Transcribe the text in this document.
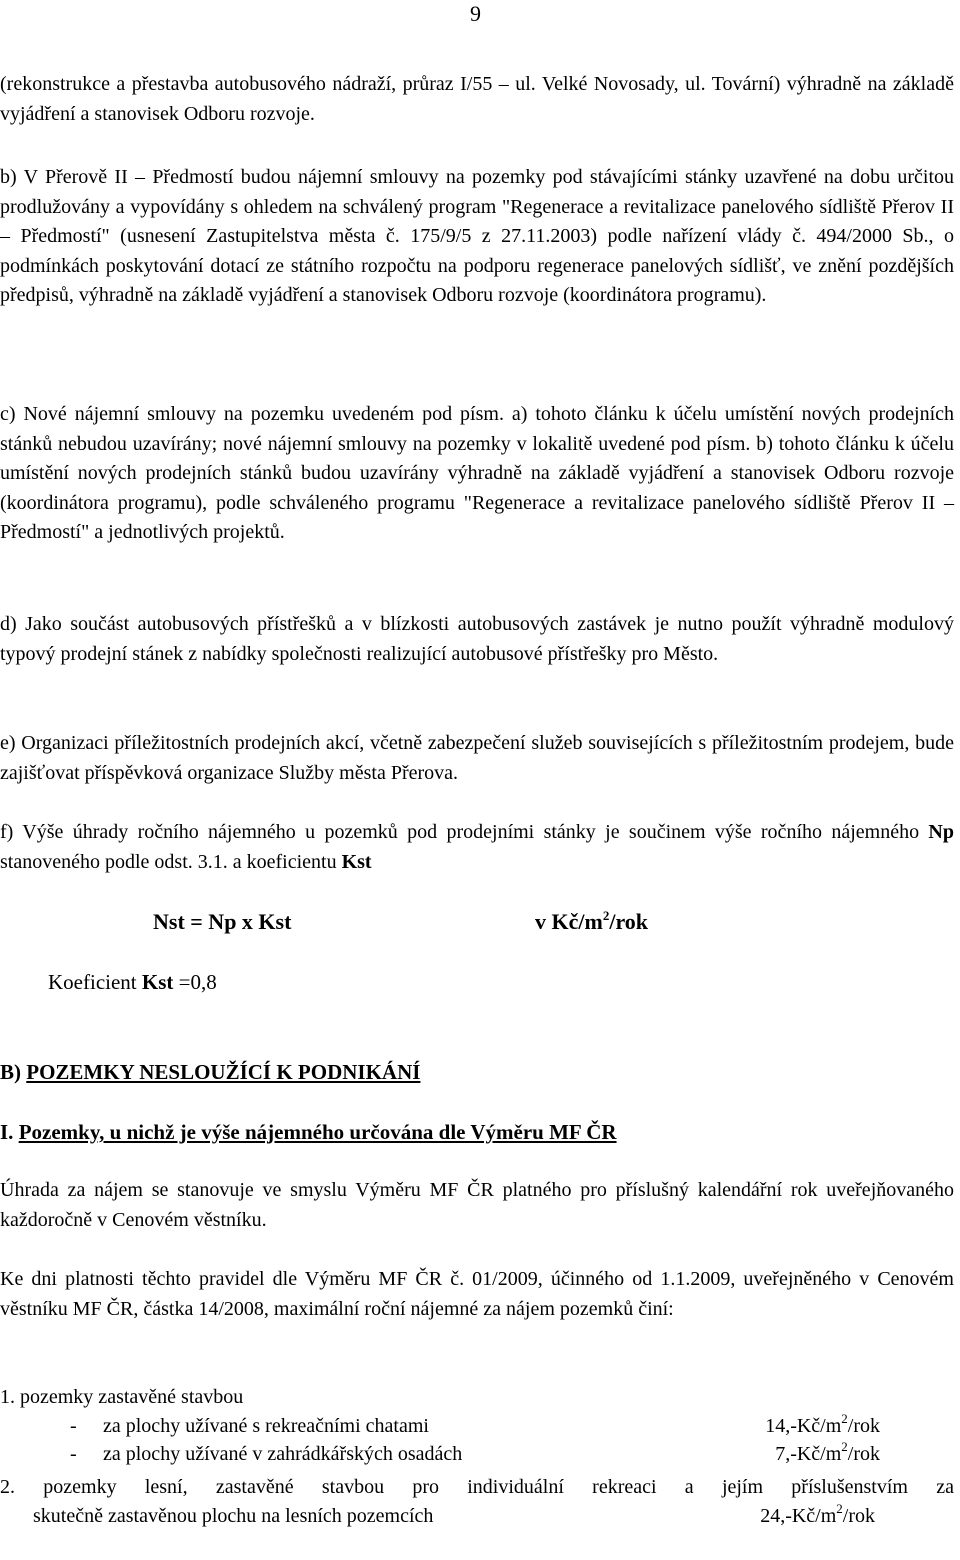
9

(rekonstrukce a přestavba autobusového nádraží, průraz I/55 – ul. Velké Novosady, ul. Tovární) výhradně na základě vyjádření a stanovisek Odboru rozvoje.

b) V Přerově II – Předmostí budou nájemní smlouvy na pozemky pod stávajícími stánky uzavřené na dobu určitou prodlužovány a vypovídány s ohledem na schválený program "Regenerace a revitalizace panelového sídliště Přerov II – Předmostí" (usnesení Zastupitelstva města č. 175/9/5 z 27.11.2003) podle nařízení vlády č. 494/2000 Sb., o podmínkách poskytování dotací ze státního rozpočtu na podporu regenerace panelových sídlišť, ve znění pozdějších předpisů, výhradně na základě vyjádření a stanovisek Odboru rozvoje (koordinátora programu).

c) Nové nájemní smlouvy na pozemku uvedeném pod písm. a) tohoto článku k účelu umístění nových prodejních stánků nebudou uzavírány; nové nájemní smlouvy na pozemky v lokalitě uvedené pod písm. b) tohoto článku k účelu umístění nových prodejních stánků budou uzavírány výhradně na základě vyjádření a stanovisek Odboru rozvoje (koordinátora programu), podle schváleného programu "Regenerace a revitalizace panelového sídliště Přerov II – Předmostí" a jednotlivých projektů.

d) Jako součást autobusových přístřešků a v blízkosti autobusových zastávek je nutno použít výhradně modulový typový prodejní stánek z nabídky společnosti realizující autobusové přístřešky pro Město.

e) Organizaci příležitostních prodejních akcí, včetně zabezpečení služeb souvisejících s příležitostním prodejem, bude zajišťovat příspěvková organizace Služby města Přerova.

f) Výše úhrady ročního nájemného u pozemků pod prodejními stánky je součinem výše ročního nájemného Np stanoveného podle odst. 3.1. a koeficientu Kst

Nst = Np x Kst	v $Kč/m^2$/rok
Koeficient Kst =0,8
B) POZEMKY NESLOUŽÍCÍ K PODNIKÁNÍ
I. Pozemky, u nichž je výše nájemného určována dle Výměru MF ČR

Úhrada za nájem se stanovuje ve smyslu Výměru MF ČR platného pro příslušný kalendářní rok uveřejňovaného každoročně v Cenovém věstníku.

Ke dni platnosti těchto pravidel dle Výměru MF ČR č. 01/2009, účinného od 1.1.2009, uveřejněného v Cenovém věstníku MF ČR, částka 14/2008, maximální roční nájemné za nájem pozemků činí:

1. pozemky zastavěné stavbou
- za plochy užívané s rekreačními chatami	$14,-Kč/m^2$/rok
- za plochy užívané v zahrádkářských osadách	$7,-Kč/m^2$/rok
2. pozemky lesní, zastavěné stavbou pro individuální rekreaci a jejím příslušenstvím za
skutečně zastavěnou plochu na lesních pozemcích	$24,-Kč/m^2$/rok
